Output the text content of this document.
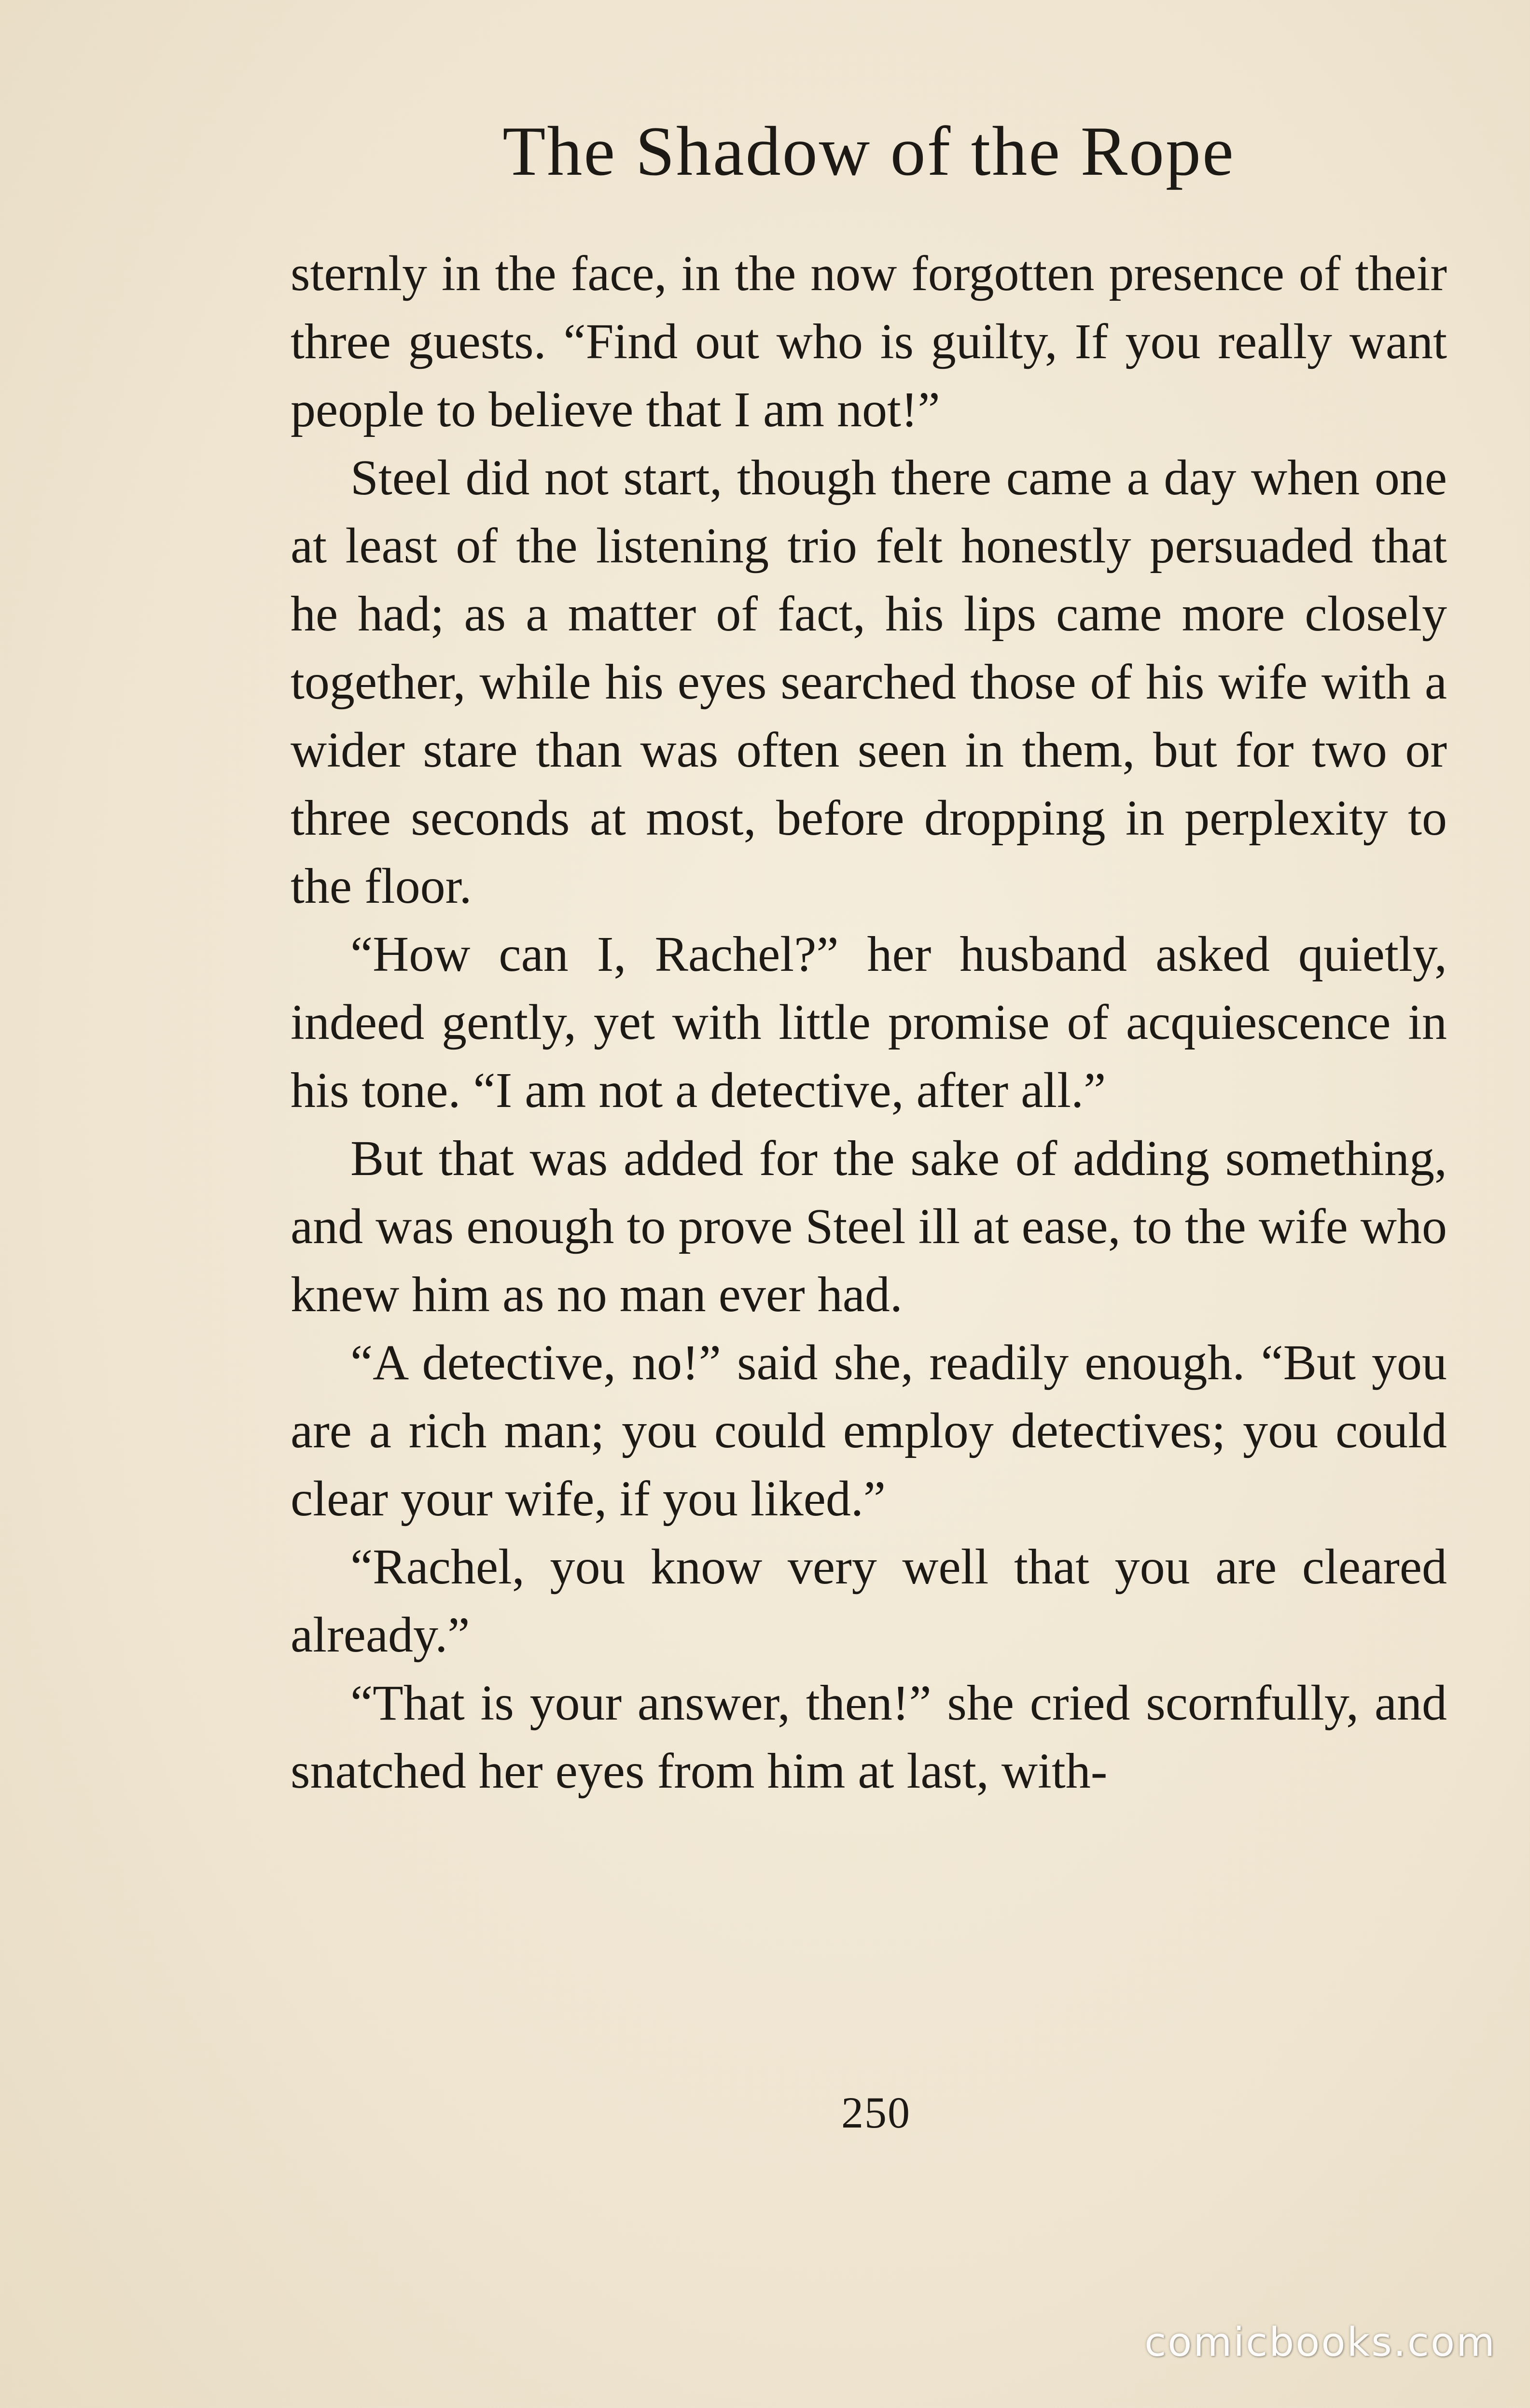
The Shadow of the Rope

sternly in the face, in the now forgotten presence of their three guests. “Find out who is guilty, If you really want people to believe that I am not!”

Steel did not start, though there came a day when one at least of the listening trio felt honestly persuaded that he had; as a matter of fact, his lips came more closely together, while his eyes searched those of his wife with a wider stare than was often seen in them, but for two or three seconds at most, before dropping in perplexity to the floor.

“How can I, Rachel?” her husband asked quietly, indeed gently, yet with little promise of acquiescence in his tone. “I am not a detective, after all.”

But that was added for the sake of adding something, and was enough to prove Steel ill at ease, to the wife who knew him as no man ever had.

“A detective, no!” said she, readily enough. “But you are a rich man; you could employ detectives; you could clear your wife, if you liked.”

“Rachel, you know very well that you are cleared already.”

“That is your answer, then!” she cried scornfully, and snatched her eyes from him at last, with-

250
comicbooks.com
